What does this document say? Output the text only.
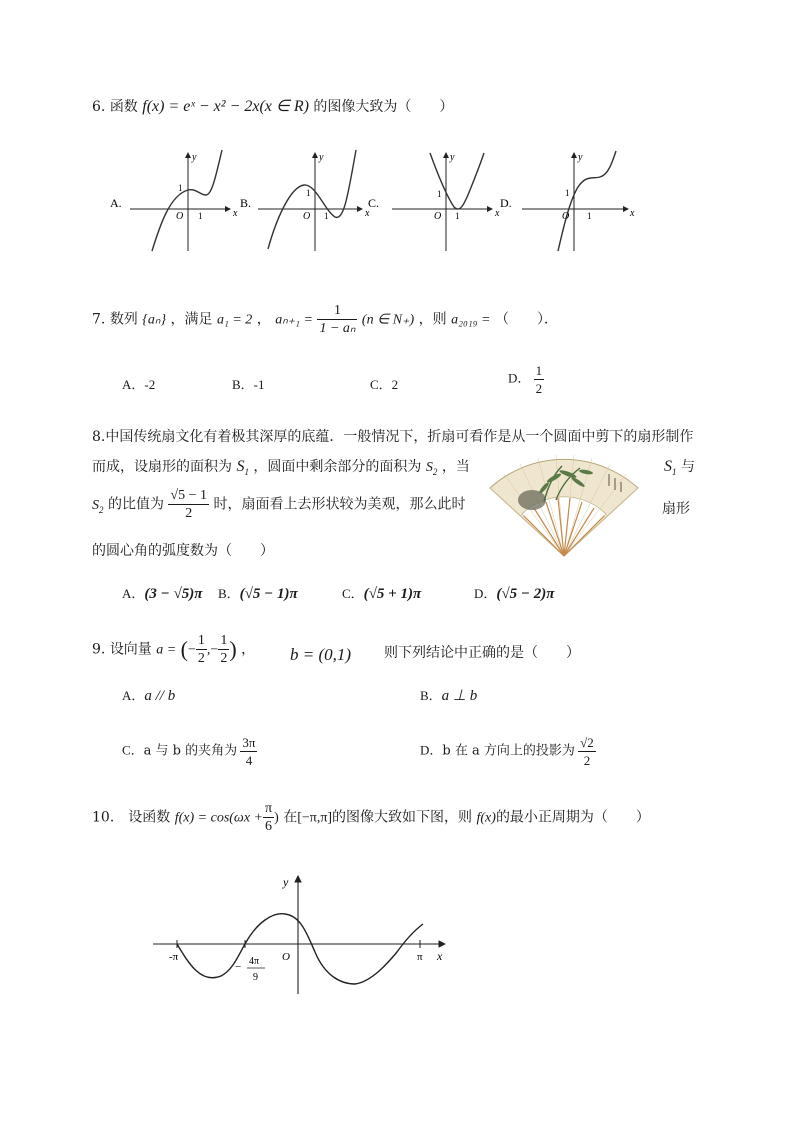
6. 函数 f(x) = eˣ − x² − 2x(x ∈ R) 的图像大致为（　　）
A.
y
x
O 1
1
B.
y
x
O 1
1
C.
y
x
O 1
1
D.
y
x
O 1
1
7. 数列 {aₙ} ，满足 a₁ = 2 ， $a_{n+1} = \frac{1}{\text{1 − aₙ}} (n$ ∈ N₊) ，则 a₂₀₁₉ = （　　）．
A．-2	B．-1	C．2	D． $\frac{1}{2}$
8.中国传统扇文化有着极其深厚的底蕴．一般情况下，折扇可看作是从一个圆面中剪下的扇形制作
而成，设扇形的面积为 $S_1$ ，圆面中剩余部分的面积为 $S_2$ ，当	$S_1$ 与
$S_2$ 的比值为 $\frac{√5 - 1}{2}$ 时，扇面看上去形状较为美观，那么此时	扇形
的圆心角的弧度数为（　　）
A．(3 − √5)π B．(√5 − 1)π	C．(√5 + 1)π	D．(√5 − 2)π
9. 设向量 a = (− $\frac{1}{2}$ ,− $\frac{1}{2}$ ) ， b = (0,1) 则下列结论中正确的是（　　）
A．a // b	B．a ⊥ b
C．a 与 b 的夹角为 $\frac{3\pi}{4}$	D．b 在 a 方向上的投影为 $\frac{√2}{2}$
10． 设函数 $f(x) = \cos(\omega x + \frac{\pi}{6}$ ) 在[−π,π]的图像大致如下图，则 f(x)的最小正周期为（　　）
-π	π x
y
O
− 4π
9
